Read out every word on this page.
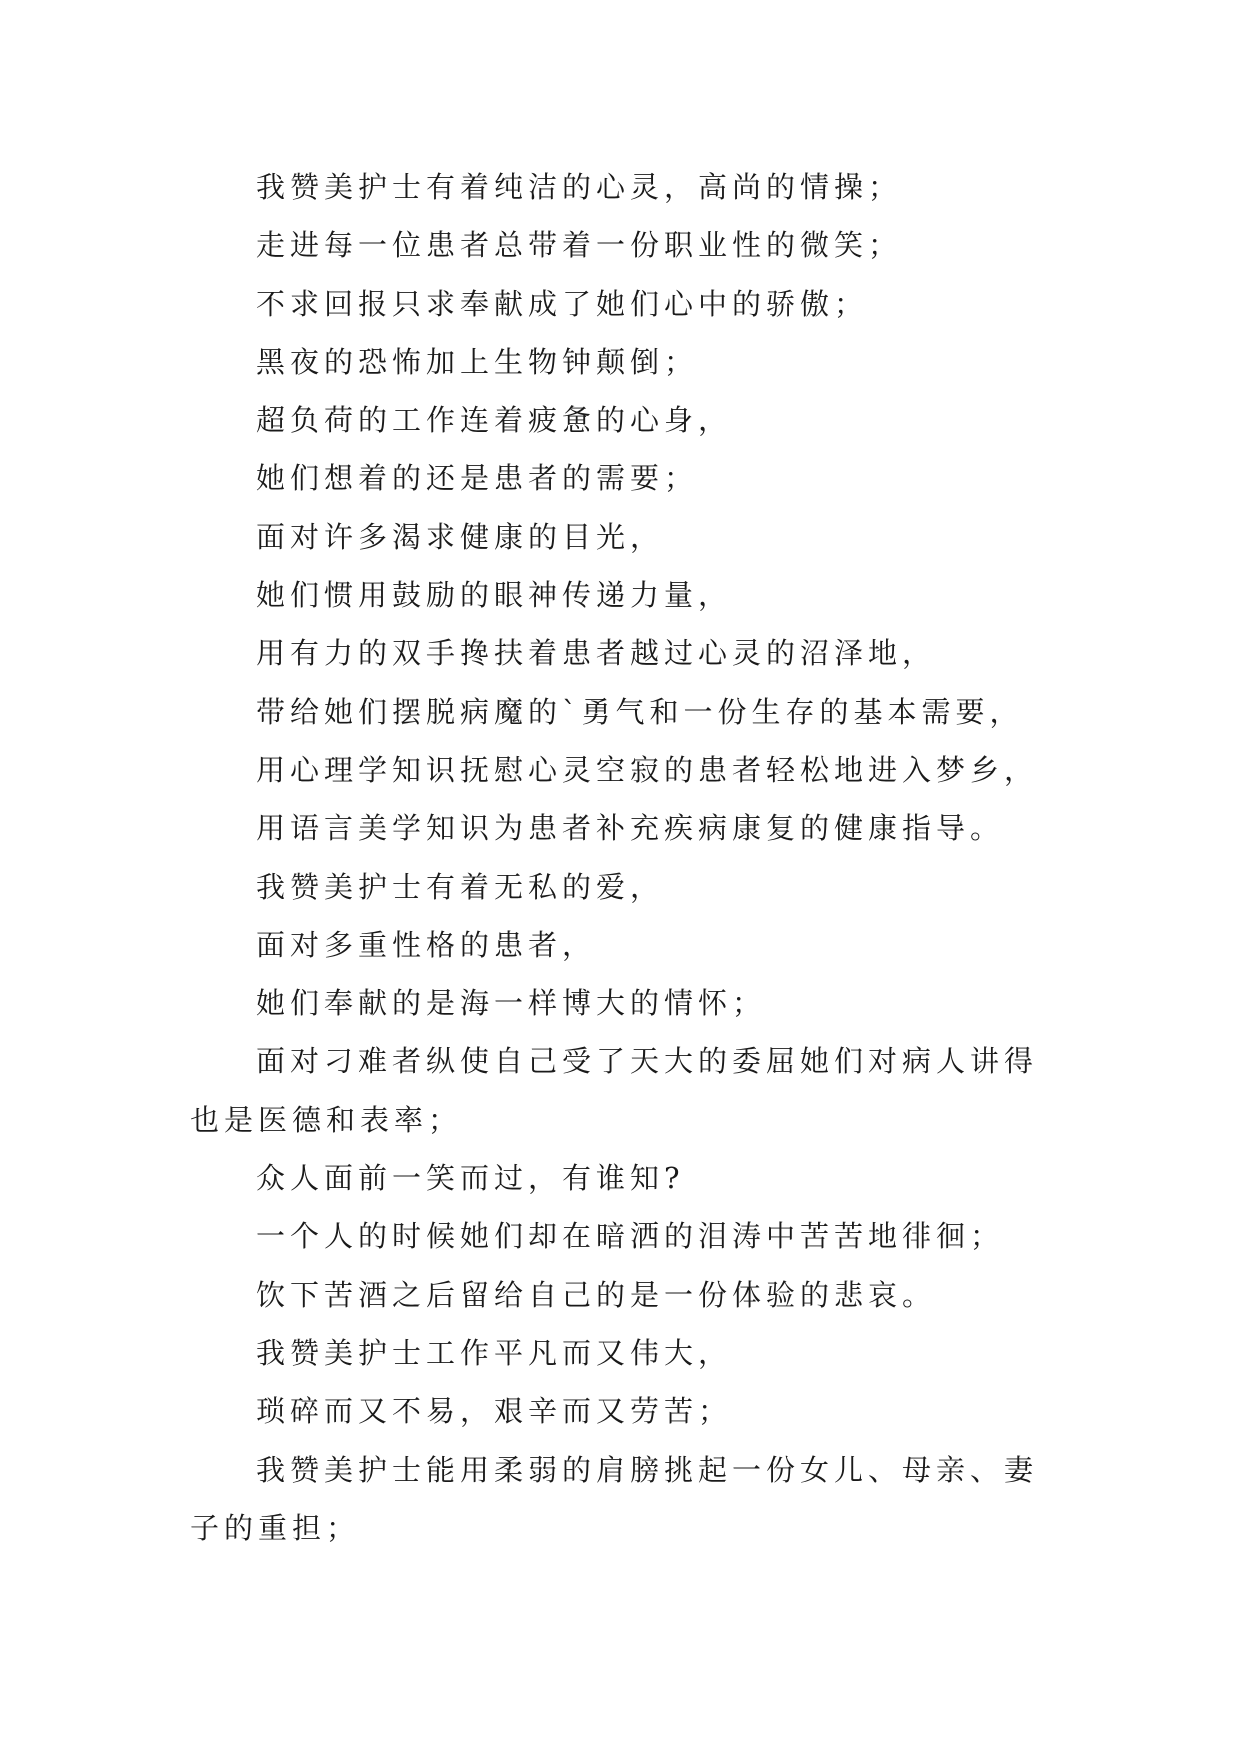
我赞美护士有着纯洁的心灵，高尚的情操；

走进每一位患者总带着一份职业性的微笑；

不求回报只求奉献成了她们心中的骄傲；

黑夜的恐怖加上生物钟颠倒；

超负荷的工作连着疲惫的心身，

她们想着的还是患者的需要；

面对许多渴求健康的目光，

她们惯用鼓励的眼神传递力量，

用有力的双手搀扶着患者越过心灵的沼泽地，

带给她们摆脱病魔的`勇气和一份生存的基本需要，

用心理学知识抚慰心灵空寂的患者轻松地进入梦乡，

用语言美学知识为患者补充疾病康复的健康指导。

我赞美护士有着无私的爱，

面对多重性格的患者，

她们奉献的是海一样博大的情怀；

面对刁难者纵使自己受了天大的委屈她们对病人讲得也是医德和表率；

众人面前一笑而过，有谁知?

一个人的时候她们却在暗洒的泪涛中苦苦地徘徊；

饮下苦酒之后留给自己的是一份体验的悲哀。

我赞美护士工作平凡而又伟大，

琐碎而又不易，艰辛而又劳苦；

我赞美护士能用柔弱的肩膀挑起一份女儿、母亲、妻子的重担；
